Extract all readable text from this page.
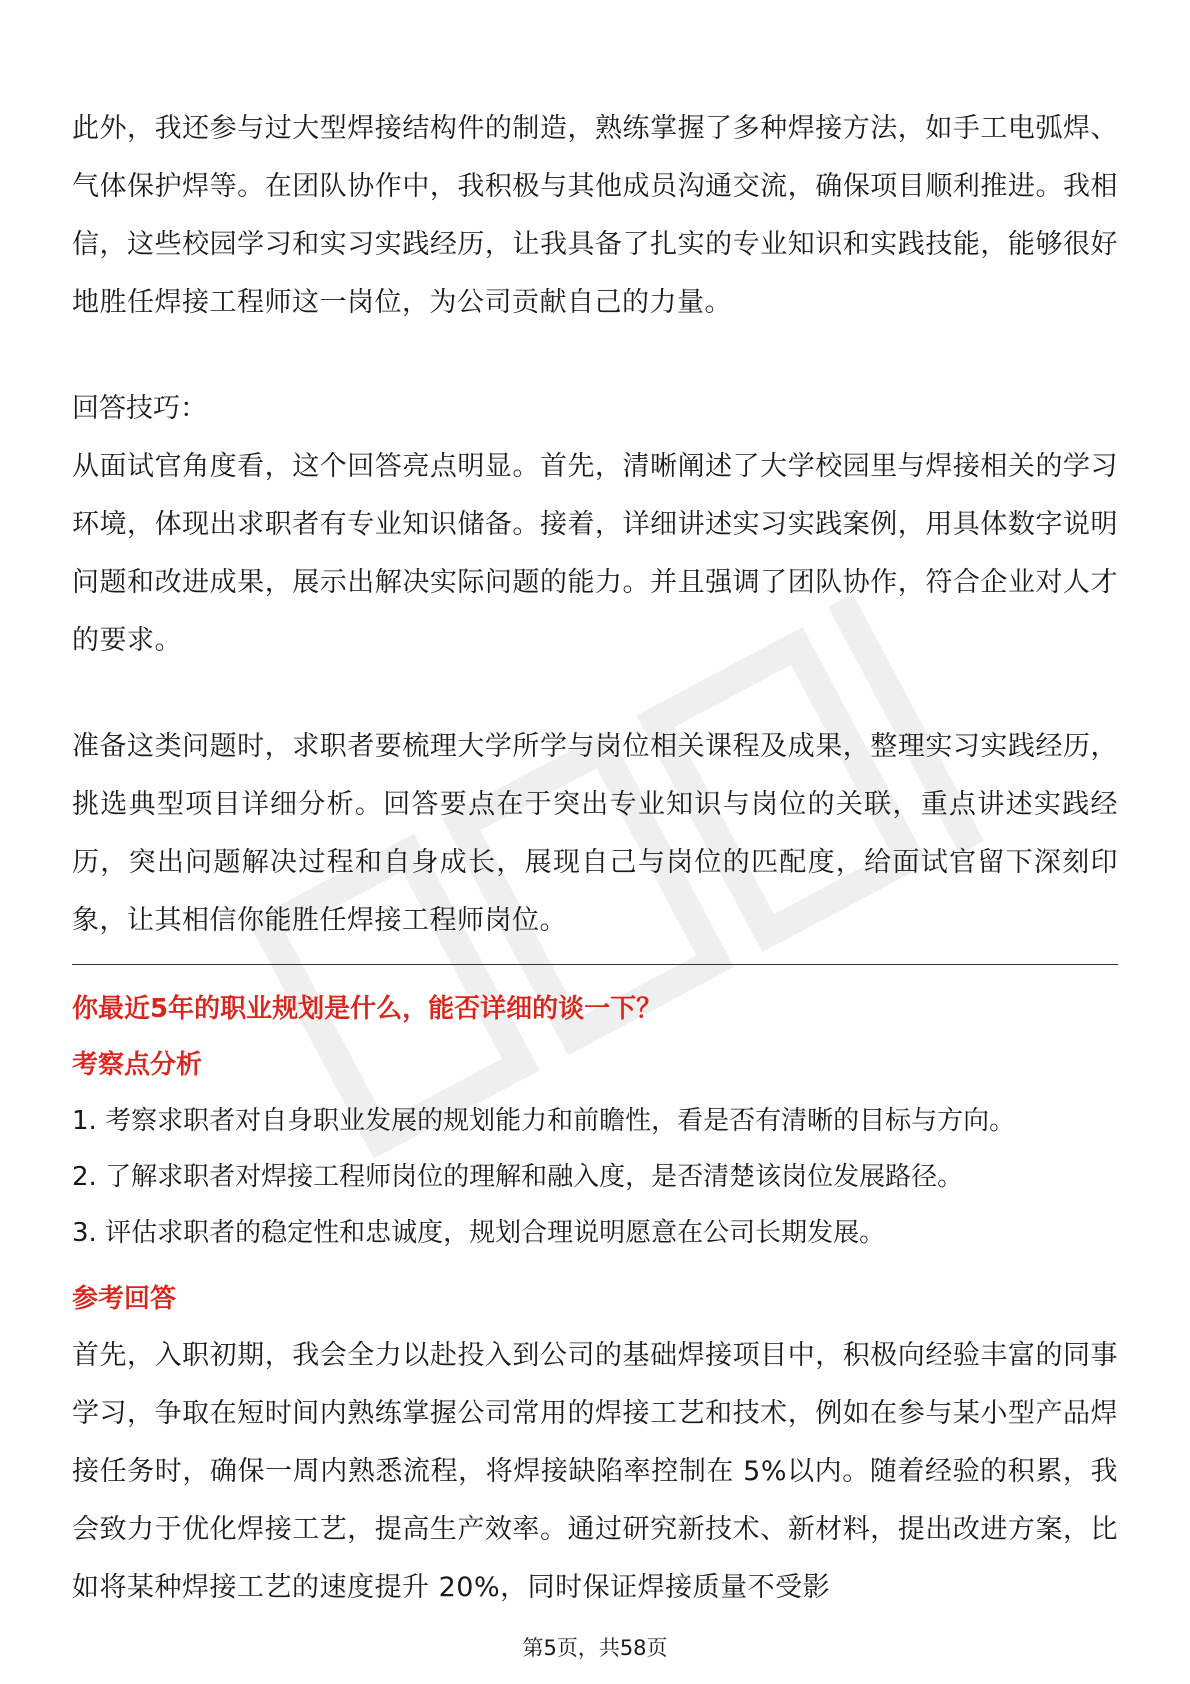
此外，我还参与过大型焊接结构件的制造，熟练掌握了多种焊接方法，如手工电弧焊、气体保护焊等。在团队协作中，我积极与其他成员沟通交流，确保项目顺利推进。我相信，这些校园学习和实习实践经历，让我具备了扎实的专业知识和实践技能，能够很好地胜任焊接工程师这一岗位，为公司贡献自己的力量。

回答技巧：

从面试官角度看，这个回答亮点明显。首先，清晰阐述了大学校园里与焊接相关的学习环境，体现出求职者有专业知识储备。接着，详细讲述实习实践案例，用具体数字说明问题和改进成果，展示出解决实际问题的能力。并且强调了团队协作，符合企业对人才的要求。

准备这类问题时，求职者要梳理大学所学与岗位相关课程及成果，整理实习实践经历，挑选典型项目详细分析。回答要点在于突出专业知识与岗位的关联，重点讲述实践经历，突出问题解决过程和自身成长，展现自己与岗位的匹配度，给面试官留下深刻印象，让其相信你能胜任焊接工程师岗位。

你最近5年的职业规划是什么，能否详细的谈一下？

考察点分析

1. 考察求职者对自身职业发展的规划能力和前瞻性，看是否有清晰的目标与方向。

2. 了解求职者对焊接工程师岗位的理解和融入度，是否清楚该岗位发展路径。

3. 评估求职者的稳定性和忠诚度，规划合理说明愿意在公司长期发展。

参考回答

首先，入职初期，我会全力以赴投入到公司的基础焊接项目中，积极向经验丰富的同事学习，争取在短时间内熟练掌握公司常用的焊接工艺和技术，例如在参与某小型产品焊接任务时，确保一周内熟悉流程，将焊接缺陷率控制在 5%以内。随着经验的积累，我会致力于优化焊接工艺，提高生产效率。通过研究新技术、新材料，提出改进方案，比如将某种焊接工艺的速度提升 20%，同时保证焊接质量不受影

第5页，共58页
